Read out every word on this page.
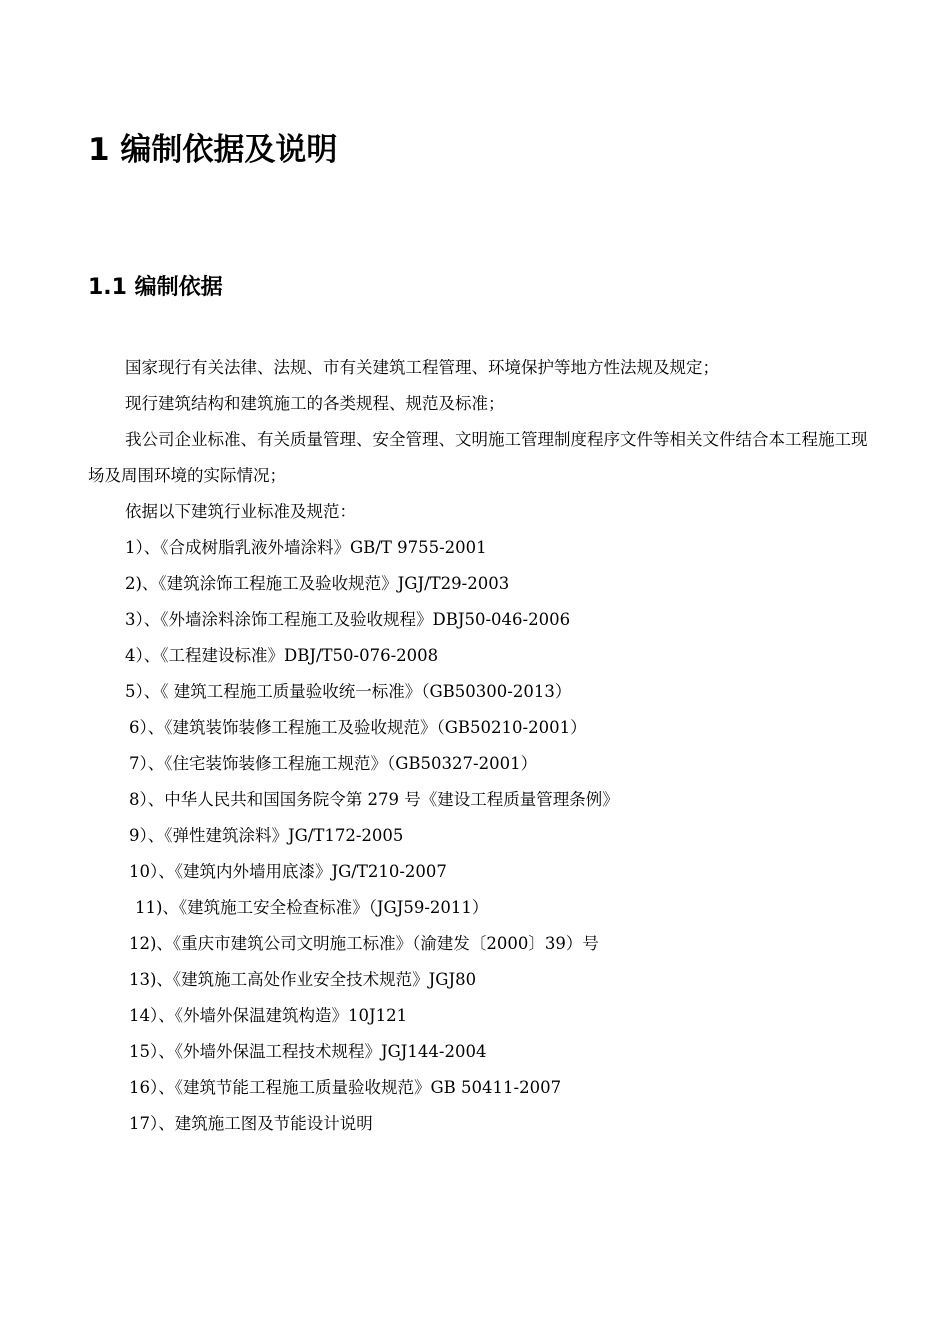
1 编制依据及说明
1.1 编制依据

国家现行有关法律、法规、市有关建筑工程管理、环境保护等地方性法规及规定；

现行建筑结构和建筑施工的各类规程、规范及标准；

我公司企业标准、有关质量管理、安全管理、文明施工管理制度程序文件等相关文件结合本工程施工现场及周围环境的实际情况；

依据以下建筑行业标准及规范：

1）、《合成树脂乳液外墙涂料》GB/T 9755-2001

2)、《建筑涂饰工程施工及验收规范》JGJ/T29-2003

3）、《外墙涂料涂饰工程施工及验收规程》DBJ50-046-2006

4）、《工程建设标准》DBJ/T50-076-2008

5）、《 建筑工程施工质量验收统一标准》（GB50300-2013）

6）、《建筑装饰装修工程施工及验收规范》（GB50210-2001）

7）、《住宅装饰装修工程施工规范》（GB50327-2001）

8）、中华人民共和国国务院令第 279 号《建设工程质量管理条例》

9）、《弹性建筑涂料》JG/T172-2005

10）、《建筑内外墙用底漆》JG/T210-2007

11)、《建筑施工安全检查标准》（JGJ59-2011）

12)、《重庆市建筑公司文明施工标准》（渝建发〔2000〕39）号

13)、《建筑施工高处作业安全技术规范》JGJ80

14）、《外墙外保温建筑构造》10J121

15）、《外墙外保温工程技术规程》JGJ144-2004

16）、《建筑节能工程施工质量验收规范》GB 50411-2007

17）、建筑施工图及节能设计说明
